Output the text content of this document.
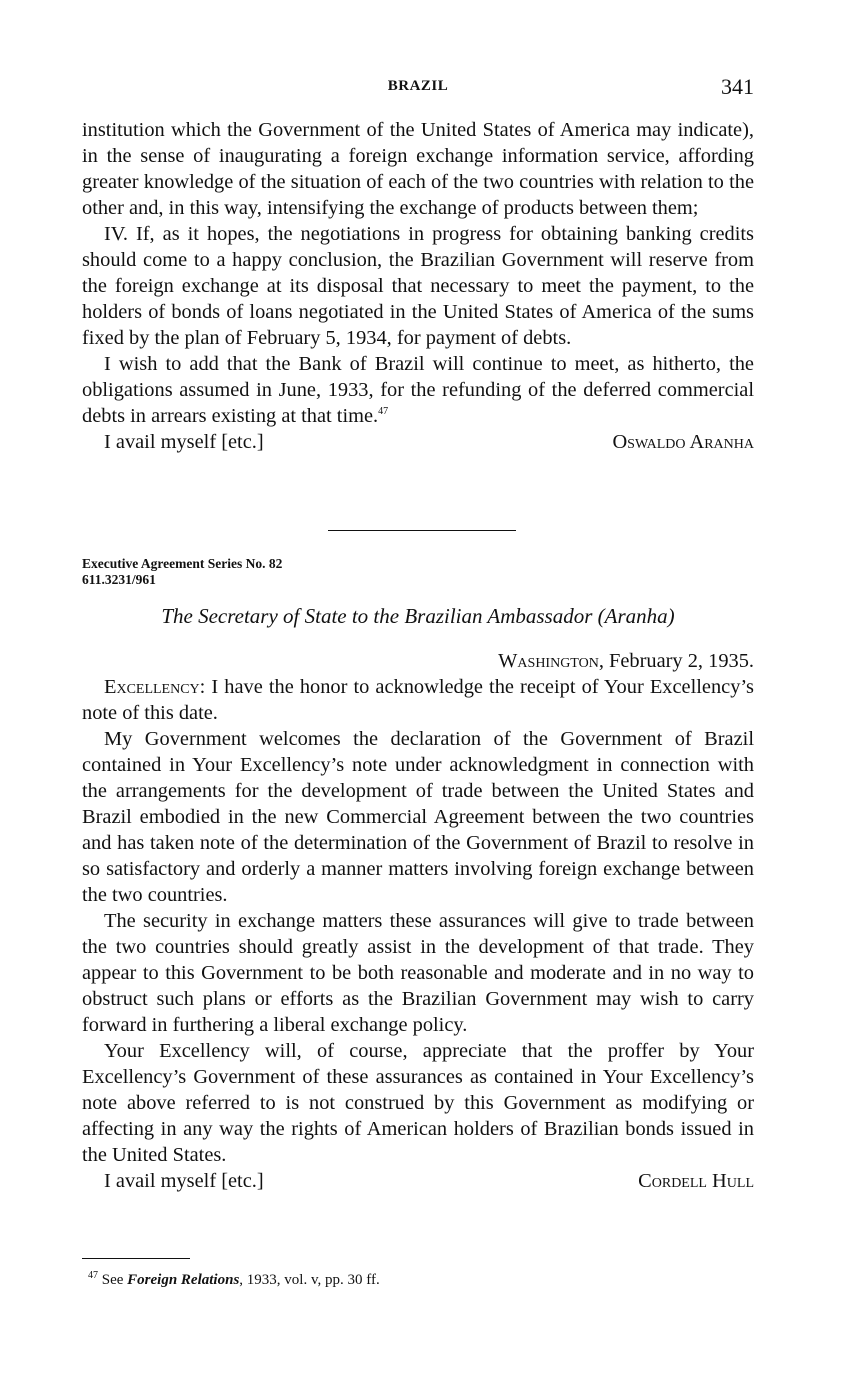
BRAZIL	341

institution which the Government of the United States of America may indicate), in the sense of inaugurating a foreign exchange information service, affording greater knowledge of the situation of each of the two countries with relation to the other and, in this way, intensifying the exchange of products between them;

IV. If, as it hopes, the negotiations in progress for obtaining banking credits should come to a happy conclusion, the Brazilian Government will reserve from the foreign exchange at its disposal that necessary to meet the payment, to the holders of bonds of loans negotiated in the United States of America of the sums fixed by the plan of February 5, 1934, for payment of debts.

I wish to add that the Bank of Brazil will continue to meet, as hitherto, the obligations assumed in June, 1933, for the refunding of the deferred commercial debts in arrears existing at that time.$^{47}$

I avail myself [etc.]	Oswaldo Aranha
Executive Agreement Series No. 82
611.3231/961
The Secretary of State to the Brazilian Ambassador (Aranha)
Washington, February 2, 1935.

Excellency: I have the honor to acknowledge the receipt of Your Excellency’s note of this date.

My Government welcomes the declaration of the Government of Brazil contained in Your Excellency’s note under acknowledgment in connection with the arrangements for the development of trade between the United States and Brazil embodied in the new Commercial Agreement between the two countries and has taken note of the determination of the Government of Brazil to resolve in so satisfactory and orderly a manner matters involving foreign exchange between the two countries.

The security in exchange matters these assurances will give to trade between the two countries should greatly assist in the development of that trade. They appear to this Government to be both reasonable and moderate and in no way to obstruct such plans or efforts as the Brazilian Government may wish to carry forward in furthering a liberal exchange policy.

Your Excellency will, of course, appreciate that the proffer by Your Excellency’s Government of these assurances as contained in Your Excellency’s note above referred to is not construed by this Government as modifying or affecting in any way the rights of American holders of Brazilian bonds issued in the United States.

I avail myself [etc.]	Cordell Hull
$^{47}$ See Foreign Relations, 1933, vol. v, pp. 30 ff.
